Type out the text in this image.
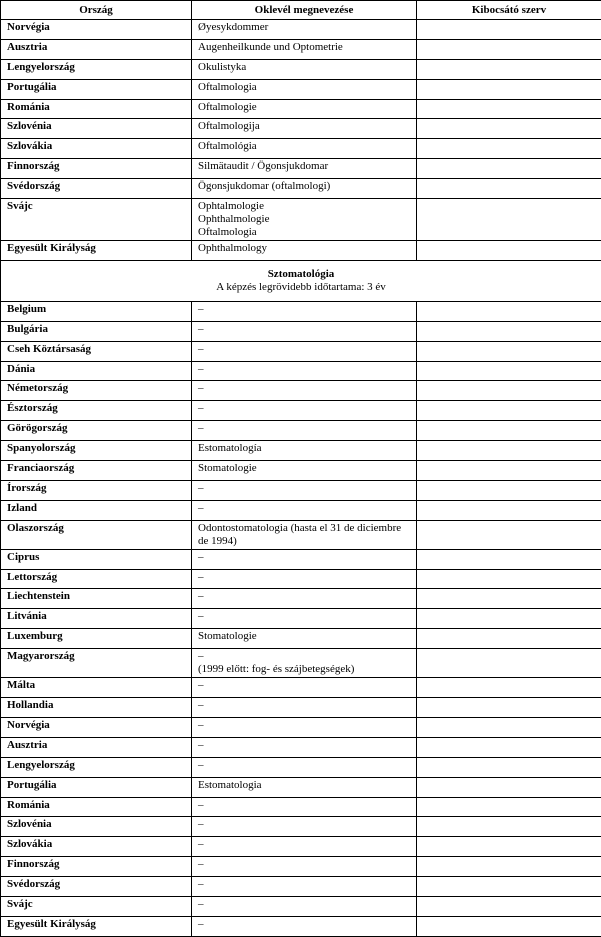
Ország	Oklevél megnevezése	Kibocsátó szerv
Norvégia	Øyesykdommer	
Ausztria	Augenheilkunde und Optometrie	
Lengyelország	Okulistyka	
Portugália	Oftalmologia	
Románia	Oftalmologie	
Szlovénia	Oftalmologija	
Szlovákia	Oftalmológia	
Finnország	Silmätaudit / Ögonsjukdomar	
Svédország	Ögonsjukdomar (oftalmologi)	
Svájc	Ophtalmologie
Ophthalmologie
Oftalmologia	
Egyesült Királyság	Ophthalmology	

Sztomatológia
A képzés legrövidebb időtartama: 3 év		

Belgium	–	
Bulgária	–	
Cseh Köztársaság	–	
Dánia	–	
Németország	–	
Észtország	–	
Görögország	–	
Spanyolország	Estomatología	
Franciaország	Stomatologie	
Írország	–	
Izland	–	
Olaszország	Odontostomatologia (hasta el 31 de diciembre de 1994)	
Ciprus	–	
Lettország	–	
Liechtenstein	–	
Litvánia	–	
Luxemburg	Stomatologie	
Magyarország	–
(1999 előtt: fog- és szájbetegségek)	
Málta	–	
Hollandia	–	
Norvégia	–	
Ausztria	–	
Lengyelország	–	
Portugália	Estomatologia	
Románia	–	
Szlovénia	–	
Szlovákia	–	
Finnország	–	
Svédország	–	
Svájc	–	
Egyesült Királyság	–	
